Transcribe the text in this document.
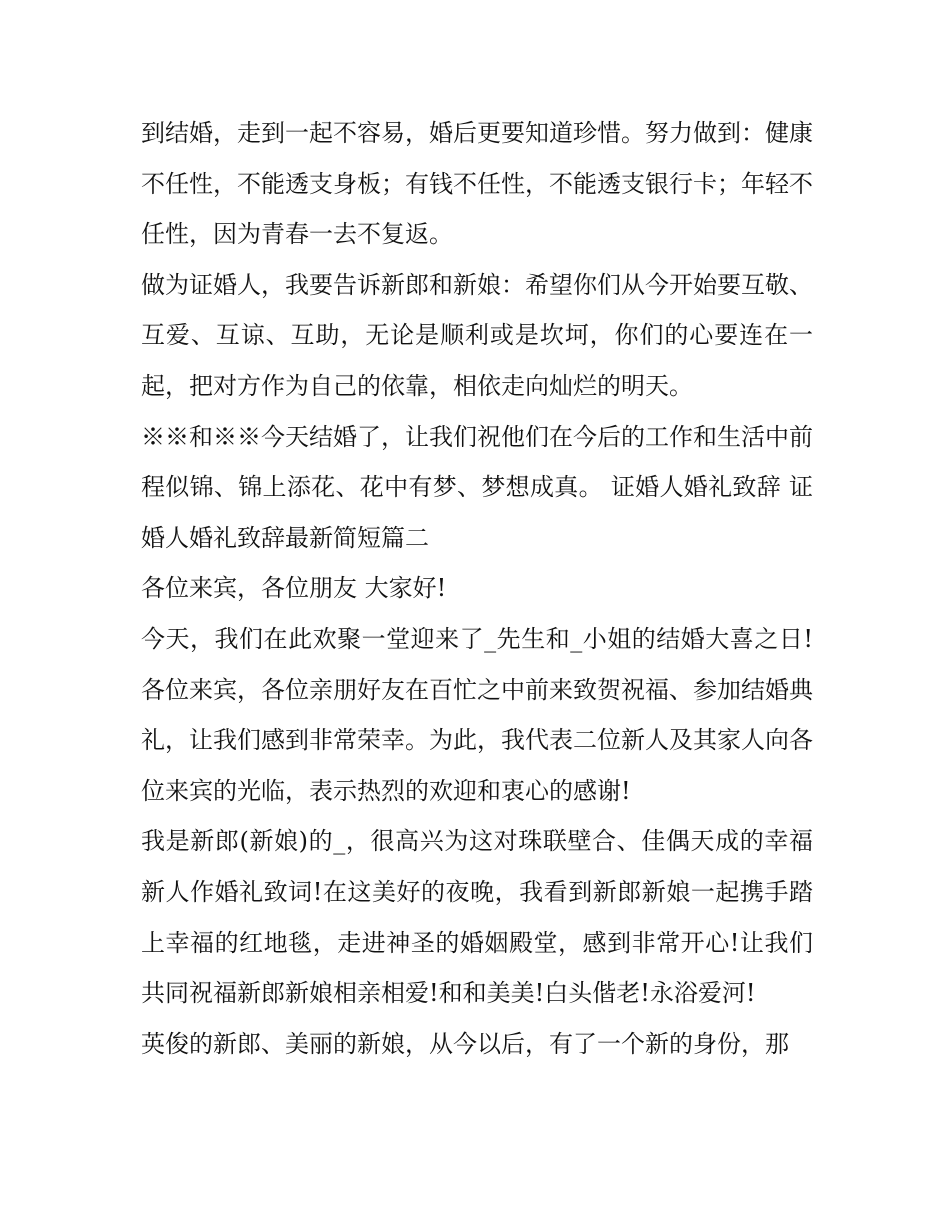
到结婚，走到一起不容易，婚后更要知道珍惜。努力做到：健康不任性，不能透支身板；有钱不任性，不能透支银行卡；年轻不任性，因为青春一去不复返。

做为证婚人，我要告诉新郎和新娘：希望你们从今开始要互敬、互爱、互谅、互助，无论是顺利或是坎坷，你们的心要连在一起，把对方作为自己的依靠，相依走向灿烂的明天。

※※和※※今天结婚了，让我们祝他们在今后的工作和生活中前程似锦、锦上添花、花中有梦、梦想成真。 证婚人婚礼致辞 证婚人婚礼致辞最新简短篇二

各位来宾，各位朋友 大家好!

今天，我们在此欢聚一堂迎来了_先生和_小姐的结婚大喜之日!各位来宾，各位亲朋好友在百忙之中前来致贺祝福、参加结婚典礼，让我们感到非常荣幸。为此，我代表二位新人及其家人向各位来宾的光临，表示热烈的欢迎和衷心的感谢!

我是新郎(新娘)的_，很高兴为这对珠联壁合、佳偶天成的幸福新人作婚礼致词!在这美好的夜晚，我看到新郎新娘一起携手踏上幸福的红地毯，走进神圣的婚姻殿堂，感到非常开心!让我们共同祝福新郎新娘相亲相爱!和和美美!白头偕老!永浴爱河!

英俊的新郎、美丽的新娘，从今以后，有了一个新的身份，那
